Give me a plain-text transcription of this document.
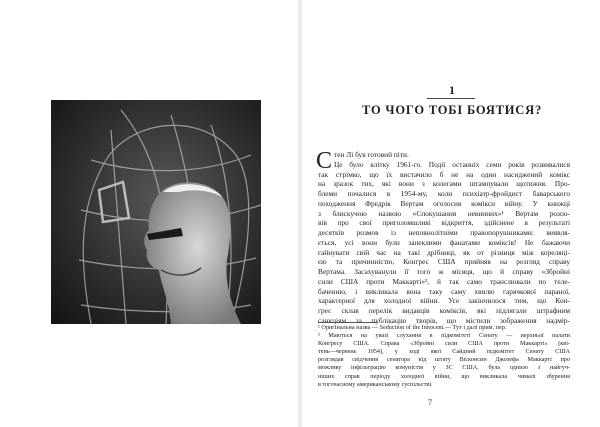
1
ТО ЧОГО ТОБІ БОЯТИСЯ?
С тен Лі був готовий піти.
Це було влітку 1961-го. Події останніх семи років розвивалися
так стрімко, що їх вистачило б не на один насиджений комікс
на зразок тих, які вони з колегами штампували щотижня. Про-
блеми почалися в 1954-му, коли психіатр-фройдист баварського
походження Фредрік Вертам оголосив комікси війну. У книжці
з блискучою назвою «Спокушання невинних»¹ Вертам розпо-
вів про свої приголомшливі відкриття, здійснене в результаті
десятків розмов із неповнолітніми правопорушниками: виявля-
ється, усі вони були запеклими фанатами коміксів! Не бажаючи
гайнувати свій час на такі дрібниці, як от різниця між кореляці-
єю та причинністю, Конгрес США прийняв на розгляд справу
Вертама. Засахуванули її того ж місяця, що й справу «Збройні
сили США проти Маккарті»², й так само транслювали по теле-
баченню, і викликала вона таку саму хвилю гарячкової параної,
характерної для холодної війни. Усе закінчилося тим, що Кон-
грес склав перелік видавців коміксів, які підлягали штрафним
санкціям за публікацію творів, що містили зображення надмір-
¹ Оригінальна назва — Seduction of the Innocent.— Тут і далі прим. пер.
² Маються на увазі слухання в підкомітеті Сенату — верхньої палати
Конгресу США. Справа «Збройні сили США проти Маккарті» (кві-
тень—червень 1954), у ході якої Сайдний підкомітет Сенату США
розглядав свідчення сенатора від штату Вісконсин Джозефа Маккарті про
можливу інфільтрацію комуністів у ЗС США, була однією з найгуч-
ніших справ періоду холодної війни, що викликала чималі збурення
в тогочасному американському суспільстві.
7
